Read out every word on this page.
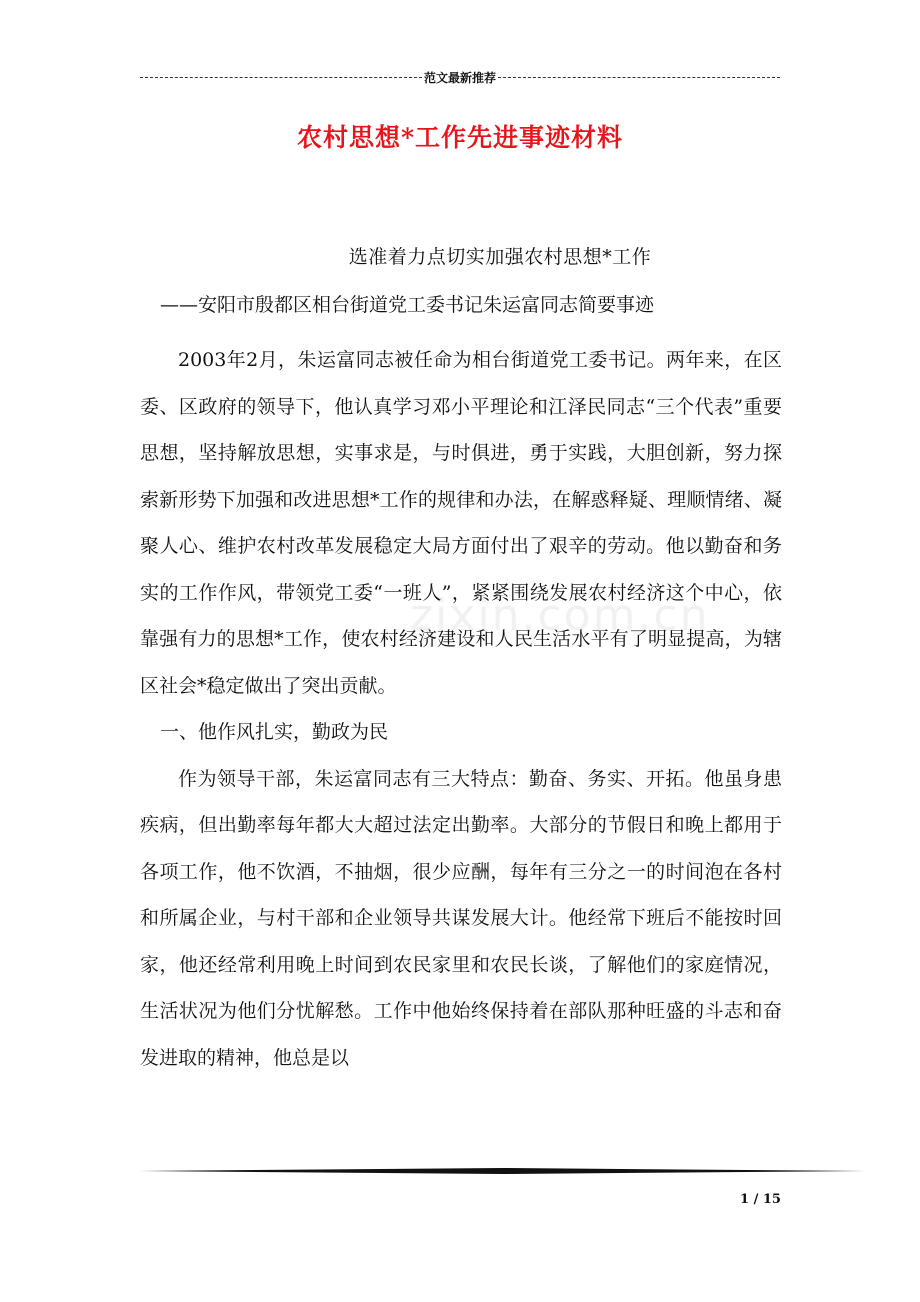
范文最新推荐
农村思想*工作先进事迹材料
选准着力点切实加强农村思想*工作
——安阳市殷都区相台街道党工委书记朱运富同志简要事迹

2003年2月，朱运富同志被任命为相台街道党工委书记。两年来，在区委、区政府的领导下，他认真学习邓小平理论和江泽民同志“三个代表”重要思想，坚持解放思想，实事求是，与时俱进，勇于实践，大胆创新，努力探索新形势下加强和改进思想*工作的规律和办法，在解惑释疑、理顺情绪、凝聚人心、维护农村改革发展稳定大局方面付出了艰辛的劳动。他以勤奋和务实的工作作风，带领党工委“一班人”，紧紧围绕发展农村经济这个中心，依靠强有力的思想*工作，使农村经济建设和人民生活水平有了明显提高，为辖区社会*稳定做出了突出贡献。

一、他作风扎实，勤政为民

作为领导干部，朱运富同志有三大特点：勤奋、务实、开拓。他虽身患疾病，但出勤率每年都大大超过法定出勤率。大部分的节假日和晚上都用于各项工作，他不饮酒，不抽烟，很少应酬，每年有三分之一的时间泡在各村和所属企业，与村干部和企业领导共谋发展大计。他经常下班后不能按时回家，他还经常利用晚上时间到农民家里和农民长谈，了解他们的家庭情况，生活状况为他们分忧解愁。工作中他始终保持着在部队那种旺盛的斗志和奋发进取的精神，他总是以

zixin.com.cn
1 / 15
